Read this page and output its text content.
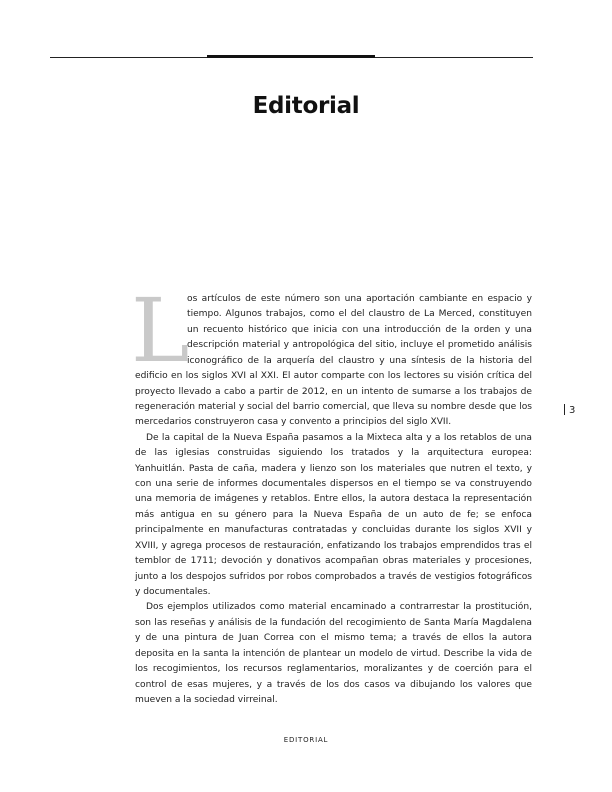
Editorial

L
os artículos de este número son una aportación cambiante en espacio y tiempo. Algunos trabajos, como el del claustro de La Merced, constituyen un recuento histórico que inicia con una introducción de la orden y una descripción material y antropológica del sitio, incluye el prometido análisis iconográfico de la arquería del claustro y una síntesis de la historia del edificio en los siglos XVI al XXI. El autor comparte con los lectores su visión crítica del proyecto llevado a cabo a partir de 2012, en un intento de sumarse a los trabajos de regeneración material y social del barrio comercial, que lleva su nombre desde que los mercedarios construyeron casa y convento a principios del siglo XVII.

De la capital de la Nueva España pasamos a la Mixteca alta y a los retablos de una de las iglesias construidas siguiendo los tratados y la arquitectura europea: Yanhuitlán. Pasta de caña, madera y lienzo son los materiales que nutren el texto, y con una serie de informes documentales dispersos en el tiempo se va construyendo una memoria de imágenes y retablos. Entre ellos, la autora destaca la representación más antigua en su género para la Nueva España de un auto de fe; se enfoca principalmente en manufacturas contratadas y concluidas durante los siglos XVII y XVIII, y agrega procesos de restauración, enfatizando los trabajos emprendidos tras el temblor de 1711; devoción y donativos acompañan obras materiales y procesiones, junto a los despojos sufridos por robos comprobados a través de vestigios fotográficos y documentales.

Dos ejemplos utilizados como material encaminado a contrarrestar la prostitución, son las reseñas y análisis de la fundación del recogimiento de Santa María Magdalena y de una pintura de Juan Correa con el mismo tema; a través de ellos la autora deposita en la santa la intención de plantear un modelo de virtud. Describe la vida de los recogimientos, los recursos reglamentarios, moralizantes y de coerción para el control de esas mujeres, y a través de los dos casos va dibujando los valores que mueven a la sociedad virreinal.

3
EDITORIAL
